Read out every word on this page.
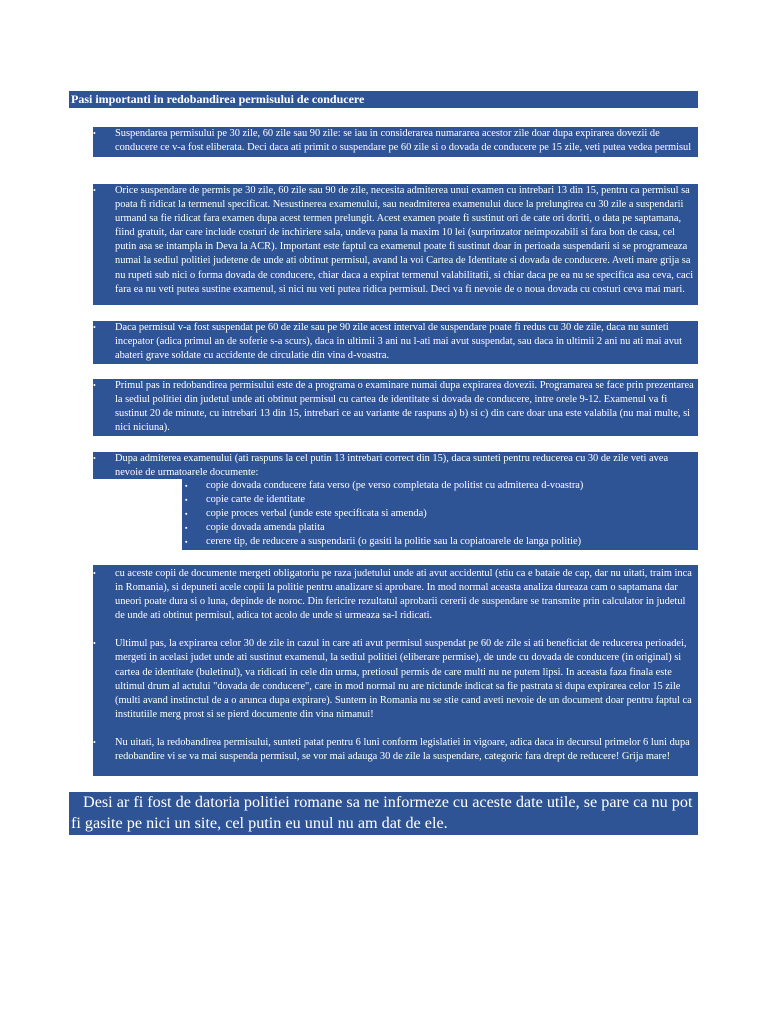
Pasi importanti in redobandirea permisului de conducere
• Suspendarea permisului pe 30 zile, 60 zile sau 90 zile: se iau in considerarea numararea acestor zile doar dupa expirarea dovezii de conducere ce v-a fost eliberata. Deci daca ati primit o suspendare pe 60 zile si o dovada de conducere pe 15 zile, veti putea vedea permisul in mana doar dupa 75 de zile.
• Orice suspendare de permis pe 30 zile, 60 zile sau 90 de zile, necesita admiterea unui examen cu intrebari 13 din 15, pentru ca permisul sa poata fi ridicat la termenul specificat. Nesustinerea examenului, sau neadmiterea examenului duce la prelungirea cu 30 zile a suspendarii urmand sa fie ridicat fara examen dupa acest termen prelungit. Acest examen poate fi sustinut ori de cate ori doriti, o data pe saptamana, fiind gratuit, dar care include costuri de inchiriere sala, undeva pana la maxim 10 lei (surprinzator neimpozabili si fara bon de casa, cel putin asa se intampla in Deva la ACR). Important este faptul ca examenul poate fi sustinut doar in perioada suspendarii si se programeaza numai la sediul politiei judetene de unde ati obtinut permisul, avand la voi Cartea de Identitate si dovada de conducere. Aveti mare grija sa nu rupeti sub nici o forma dovada de conducere, chiar daca a expirat termenul valabilitatii, si chiar daca pe ea nu se specifica asa ceva, caci fara ea nu veti putea sustine examenul, si nici nu veti putea ridica permisul. Deci va fi nevoie de o noua dovada cu costuri ceva mai mari.
• Daca permisul v-a fost suspendat pe 60 de zile sau pe 90 zile acest interval de suspendare poate fi redus cu 30 de zile, daca nu sunteti incepator (adica primul an de soferie s-a scurs), daca in ultimii 3 ani nu l-ati mai avut suspendat, sau daca in ultimii 2 ani nu ati mai avut abateri grave soldate cu accidente de circulatie din vina d-voastra.
• Primul pas in redobandirea permisului este de a programa o examinare numai dupa expirarea dovezii. Programarea se face prin prezentarea la sediul politiei din judetul unde ati obtinut permisul cu cartea de identitate si dovada de conducere, intre orele 9-12. Examenul va fi sustinut 20 de minute, cu intrebari 13 din 15, intrebari ce au variante de raspuns a) b) si c) din care doar una este valabila (nu mai multe, si nici niciuna).
• Dupa admiterea examenului (ati raspuns la cel putin 13 intrebari correct din 15), daca sunteti pentru reducerea cu 30 de zile veti avea nevoie de urmatoarele documente:
▪ copie dovada conducere fata verso (pe verso completata de politist cu admiterea d-voastra)
▪ copie carte de identitate
▪ copie proces verbal (unde este specificata si amenda)
▪ copie dovada amenda platita
▪ cerere tip, de reducere a suspendarii (o gasiti la politie sau la copiatoarele de langa politie)
• cu aceste copii de documente mergeti obligatoriu pe raza judetului unde ati avut accidentul (stiu ca e bataie de cap, dar nu uitati, traim inca in Romania), si depuneti acele copii la politie pentru analizare si aprobare. In mod normal aceasta analiza dureaza cam o saptamana dar uneori poate dura si o luna, depinde de noroc. Din fericire rezultatul aprobarii cererii de suspendare se transmite prin calculator in judetul de unde ati obtinut permisul, adica tot acolo de unde si urmeaza sa-l ridicati.
• Ultimul pas, la expirarea celor 30 de zile in cazul in care ati avut permisul suspendat pe 60 de zile si ati beneficiat de reducerea perioadei, mergeti in acelasi judet unde ati sustinut examenul, la sediul politiei (eliberare permise), de unde cu dovada de conducere (in original) si cartea de identitate (buletinul), va ridicati in cele din urma, pretiosul permis de care multi nu ne putem lipsi. In aceasta faza finala este ultimul drum al actului "dovada de conducere", care in mod normal nu are niciunde indicat sa fie pastrata si dupa expirarea celor 15 zile (multi avand instinctul de a o arunca dupa expirare). Suntem in Romania nu se stie cand aveti nevoie de un document doar pentru faptul ca institutiile merg prost si se pierd documente din vina nimanui!
• Nu uitati, la redobandirea permisului, sunteti patat pentru 6 luni conform legislatiei in vigoare, adica daca in decursul primelor 6 luni dupa redobandire vi se va mai suspenda permisul, se vor mai adauga 30 de zile la suspendare, categoric fara drept de reducere! Grija mare!
Desi ar fi fost de datoria politiei romane sa ne informeze cu aceste date utile, se pare ca nu pot fi gasite pe nici un site, cel putin eu unul nu am dat de ele.
